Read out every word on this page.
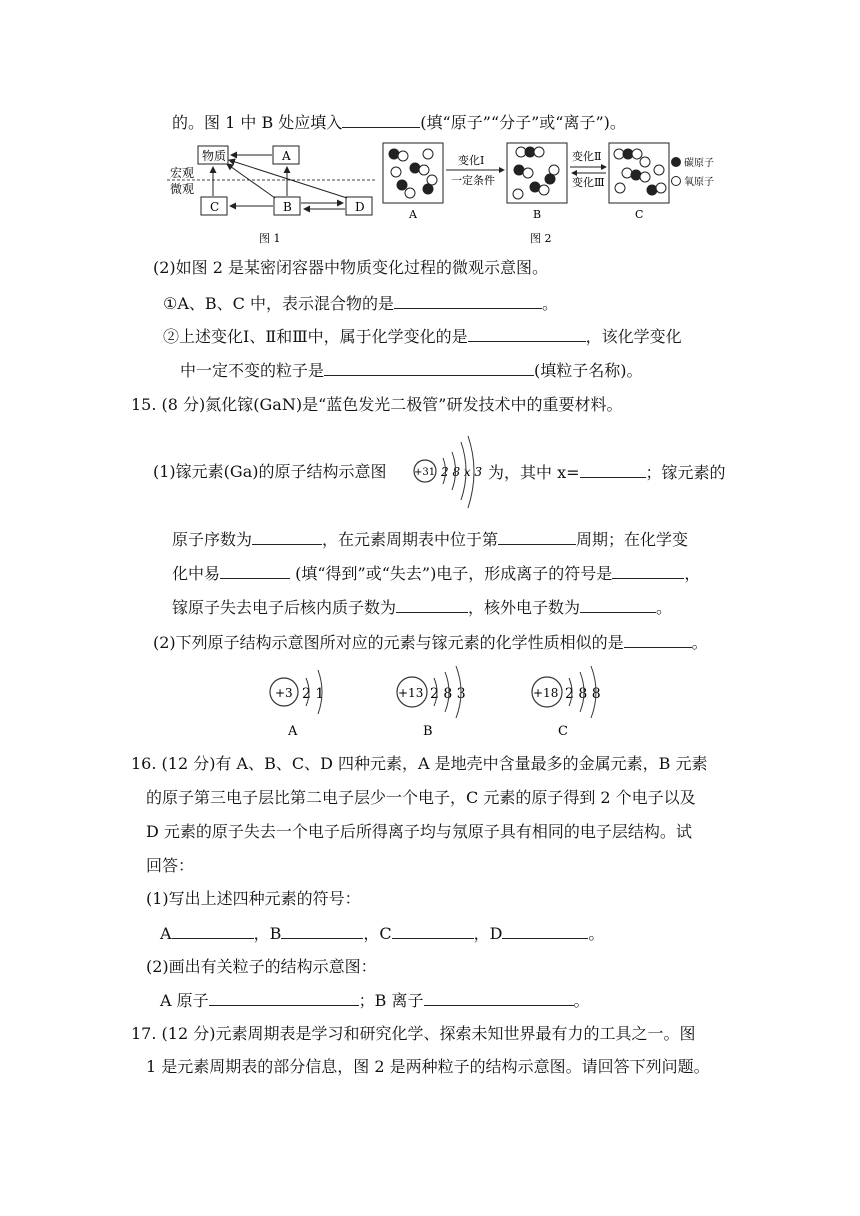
的。图 1 中 B 处应填入	(填“原子”“分子”或“离子”)。
宏观
微观
物质	A
C	B	D
图 1
A
变化Ⅰ
一定条件
B
变化Ⅱ
变化Ⅲ
C
碳原子
氧原子
图 2
(2)如图 2 是某密闭容器中物质变化过程的微观示意图。
①A、B、C 中，表示混合物的是	。
②上述变化Ⅰ、Ⅱ和Ⅲ中，属于化学变化的是	，该化学变化
中一定不变的粒子是	(填粒子名称)。
15. (8 分)氮化镓(GaN)是“蓝色发光二极管”研发技术中的重要材料。
(1)镓元素(Ga)的原子结构示意图	+31 2 8 x 3 为，其中 x=	；镓元素的
原子序数为	，在元素周期表中位于第	周期；在化学变
化中易	(填“得到”或“失去”)电子，形成离子的符号是	，
镓原子失去电子后核内质子数为	，核外电子数为	。
(2)下列原子结构示意图所对应的元素与镓元素的化学性质相似的是	。
+3 2 1
A
+13 2 8 3
B
+18 2 8 8
C
16. (12 分)有 A、B、C、D 四种元素，A 是地壳中含量最多的金属元素，B 元素
的原子第三电子层比第二电子层少一个电子，C 元素的原子得到 2 个电子以及
D 元素的原子失去一个电子后所得离子均与氖原子具有相同的电子层结构。试
回答：
(1)写出上述四种元素的符号：
A	，B	，C	，D	。
(2)画出有关粒子的结构示意图：
A 原子	；B 离子	。
17. (12 分)元素周期表是学习和研究化学、探索未知世界最有力的工具之一。图
1 是元素周期表的部分信息，图 2 是两种粒子的结构示意图。请回答下列问题。
